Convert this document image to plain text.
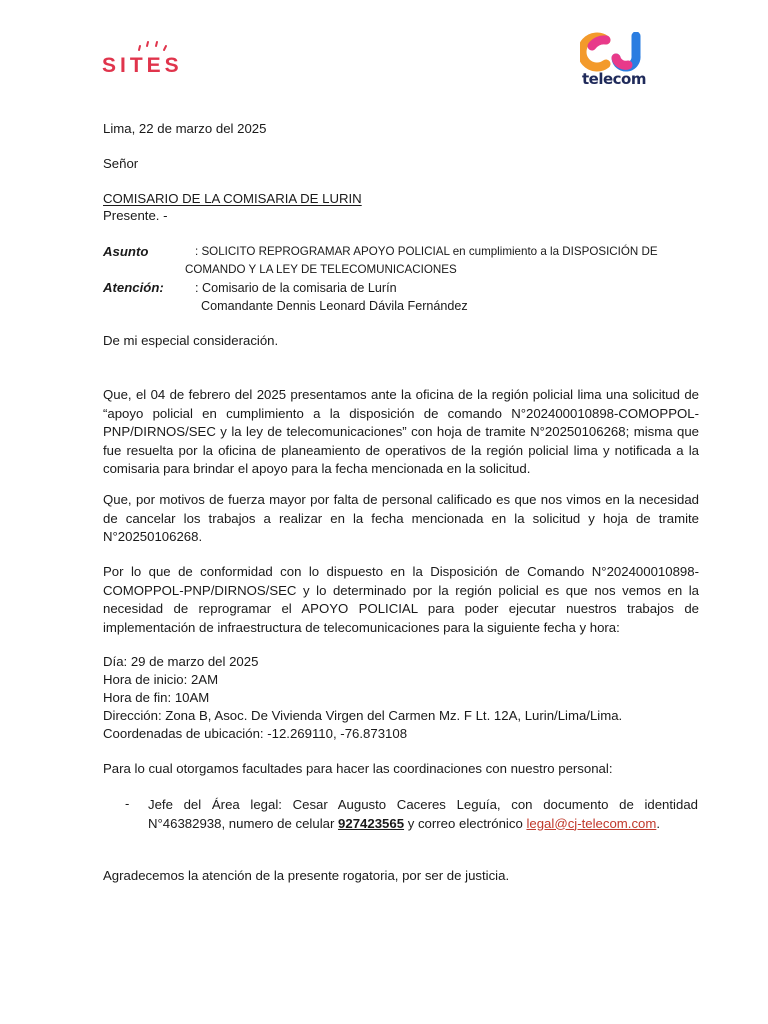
SITES
telecom
Lima, 22 de marzo del 2025
Señor
COMISARIO DE LA COMISARIA DE LURIN
Presente. -
Asunto	: SOLICITO REPROGRAMAR APOYO POLICIAL en cumplimiento a la DISPOSICIÓN DE
COMANDO Y LA LEY DE TELECOMUNICACIONES
Atención:	: Comisario de la comisaria de Lurín
Comandante Dennis Leonard Dávila Fernández
De mi especial consideración.
Que, el 04 de febrero del 2025 presentamos ante la oficina de la región policial lima una solicitud de “apoyo policial en cumplimiento a la disposición de comando N°202400010898-COMOPPOL-PNP/DIRNOS/SEC y la ley de telecomunicaciones” con hoja de tramite N°20250106268; misma que fue resuelta por la oficina de planeamiento de operativos de la región policial lima y notificada a la comisaria para brindar el apoyo para la fecha mencionada en la solicitud.
Que, por motivos de fuerza mayor por falta de personal calificado es que nos vimos en la necesidad de cancelar los trabajos a realizar en la fecha mencionada en la solicitud y hoja de tramite N°20250106268.
Por lo que de conformidad con lo dispuesto en la Disposición de Comando N°202400010898-COMOPPOL-PNP/DIRNOS/SEC y lo determinado por la región policial es que nos vemos en la necesidad de reprogramar el APOYO POLICIAL para poder ejecutar nuestros trabajos de implementación de infraestructura de telecomunicaciones para la siguiente fecha y hora:
Día: 29 de marzo del 2025
Hora de inicio: 2AM
Hora de fin: 10AM
Dirección: Zona B, Asoc. De Vivienda Virgen del Carmen Mz. F Lt. 12A, Lurin/Lima/Lima.
Coordenadas de ubicación: -12.269110, -76.873108
Para lo cual otorgamos facultades para hacer las coordinaciones con nuestro personal:
- Jefe del Área legal: Cesar Augusto Caceres Leguía, con documento de identidad N°46382938, numero de celular 927423565 y correo electrónico legal@cj-telecom.com.
Agradecemos la atención de la presente rogatoria, por ser de justicia.
